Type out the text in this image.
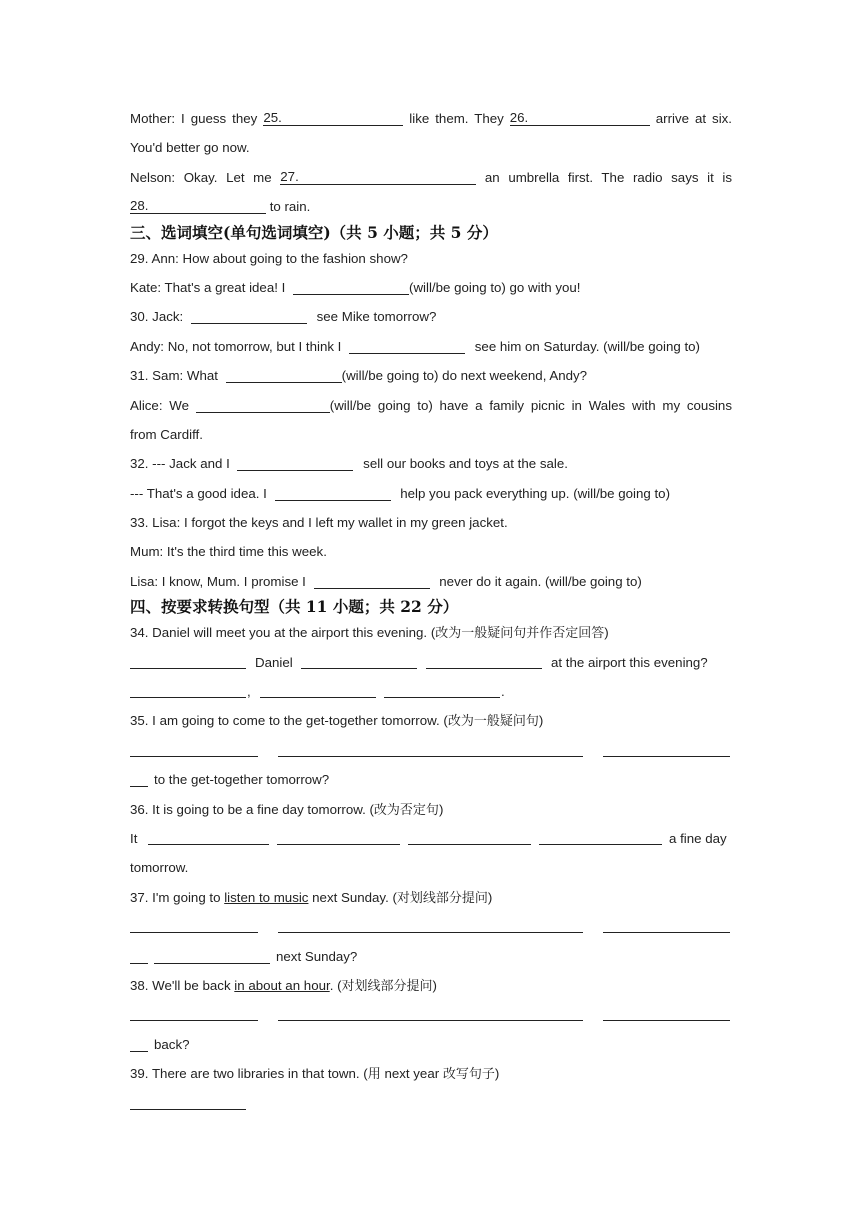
Mother: I guess they 25.	like them. They 26.	arrive at six.
You'd better go now.
Nelson: Okay. Let me 27.	an umbrella first. The radio says it is
28.	to rain.
三、选词填空(单句选词填空)（共 5 小题；共 5 分）
29. Ann: How about going to the fashion show?
Kate: That's a great idea! I	(will/be going to) go with you!
30. Jack:	see Mike tomorrow?
Andy: No, not tomorrow, but I think I	see him on Saturday. (will/be going to)
31. Sam: What	(will/be going to) do next weekend, Andy?
Alice: We	(will/be going to) have a family picnic in Wales with my cousins
from Cardiff.
32. --- Jack and I	sell our books and toys at the sale.
--- That's a good idea. I	help you pack everything up. (will/be going to)
33. Lisa: I forgot the keys and I left my wallet in my green jacket.
Mum: It's the third time this week.
Lisa: I know, Mum. I promise I	never do it again. (will/be going to)
四、按要求转换句型（共 11 小题；共 22 分）
34. Daniel will meet you at the airport this evening. (改为一般疑问句并作否定回答)
Daniel	at the airport this evening?
,	.
35. I am going to come to the get-together tomorrow. (改为一般疑问句)
to the get-together tomorrow?
36. It is going to be a fine day tomorrow. (改为否定句)
It	a fine day
tomorrow.
37. I'm going to listen to music next Sunday. (对划线部分提问)
next Sunday?
38. We'll be back in about an hour. (对划线部分提问)
back?
39. There are two libraries in that town. (用 next year 改写句子)
